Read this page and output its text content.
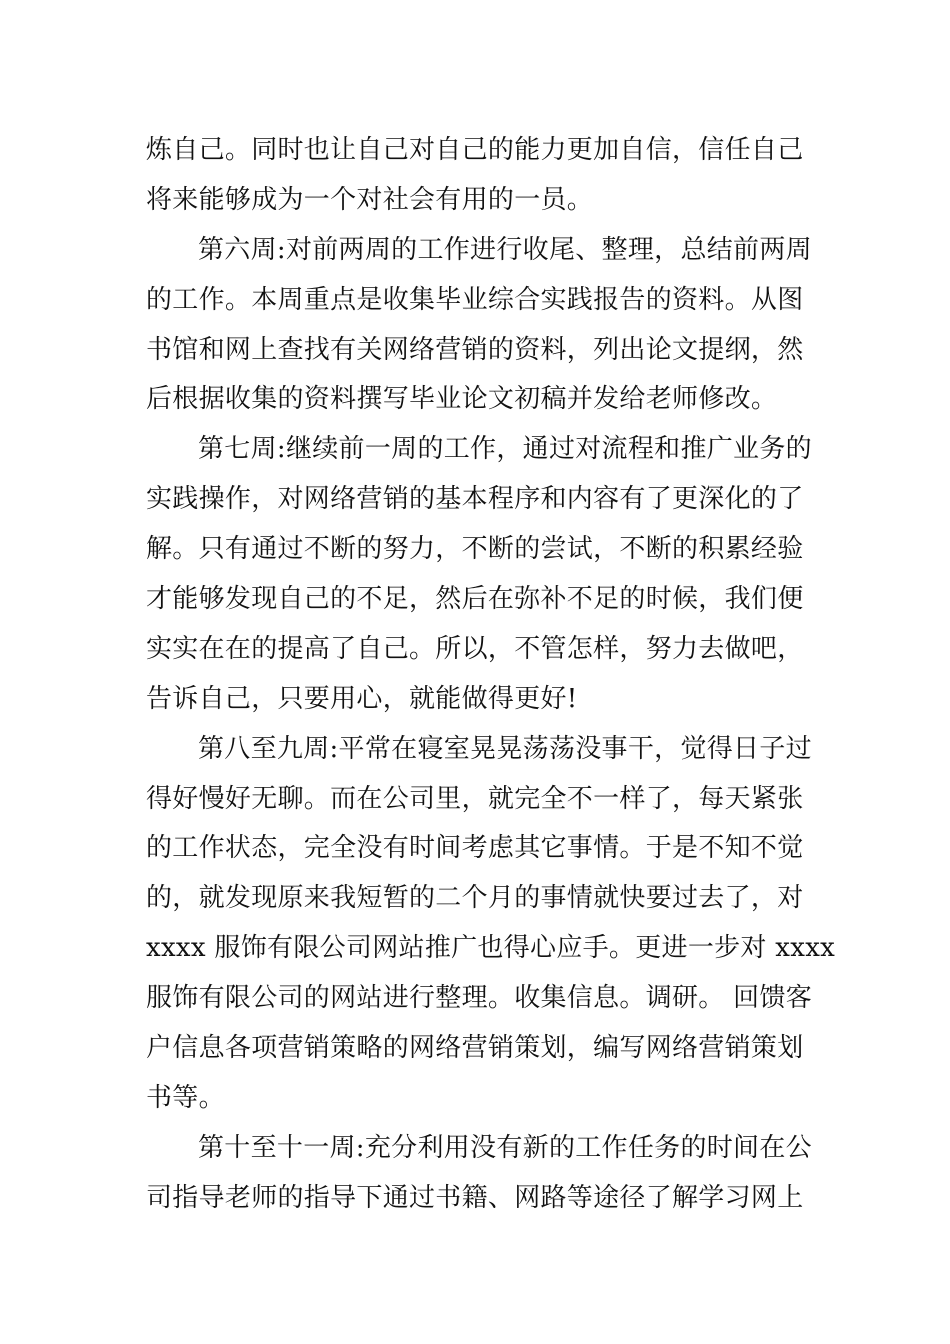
炼自己。同时也让自己对自己的能力更加自信，信任自己
将来能够成为一个对社会有用的一员。
第六周:对前两周的工作进行收尾、整理，总结前两周
的工作。本周重点是收集毕业综合实践报告的资料。从图
书馆和网上查找有关网络营销的资料，列出论文提纲，然
后根据收集的资料撰写毕业论文初稿并发给老师修改。
第七周:继续前一周的工作，通过对流程和推广业务的
实践操作，对网络营销的基本程序和内容有了更深化的了
解。只有通过不断的努力，不断的尝试，不断的积累经验
才能够发现自己的不足，然后在弥补不足的时候，我们便
实实在在的提高了自己。所以，不管怎样，努力去做吧，
告诉自己，只要用心，就能做得更好!
第八至九周:平常在寝室晃晃荡荡没事干，觉得日子过
得好慢好无聊。而在公司里，就完全不一样了，每天紧张
的工作状态，完全没有时间考虑其它事情。于是不知不觉
的，就发现原来我短暂的二个月的事情就快要过去了，对
xxxx 服饰有限公司网站推广也得心应手。更进一步对 xxxx
服饰有限公司的网站进行整理。收集信息。调研。 回馈客
户信息各项营销策略的网络营销策划，编写网络营销策划
书等。
第十至十一周:充分利用没有新的工作任务的时间在公
司指导老师的指导下通过书籍、网路等途径了解学习网上
